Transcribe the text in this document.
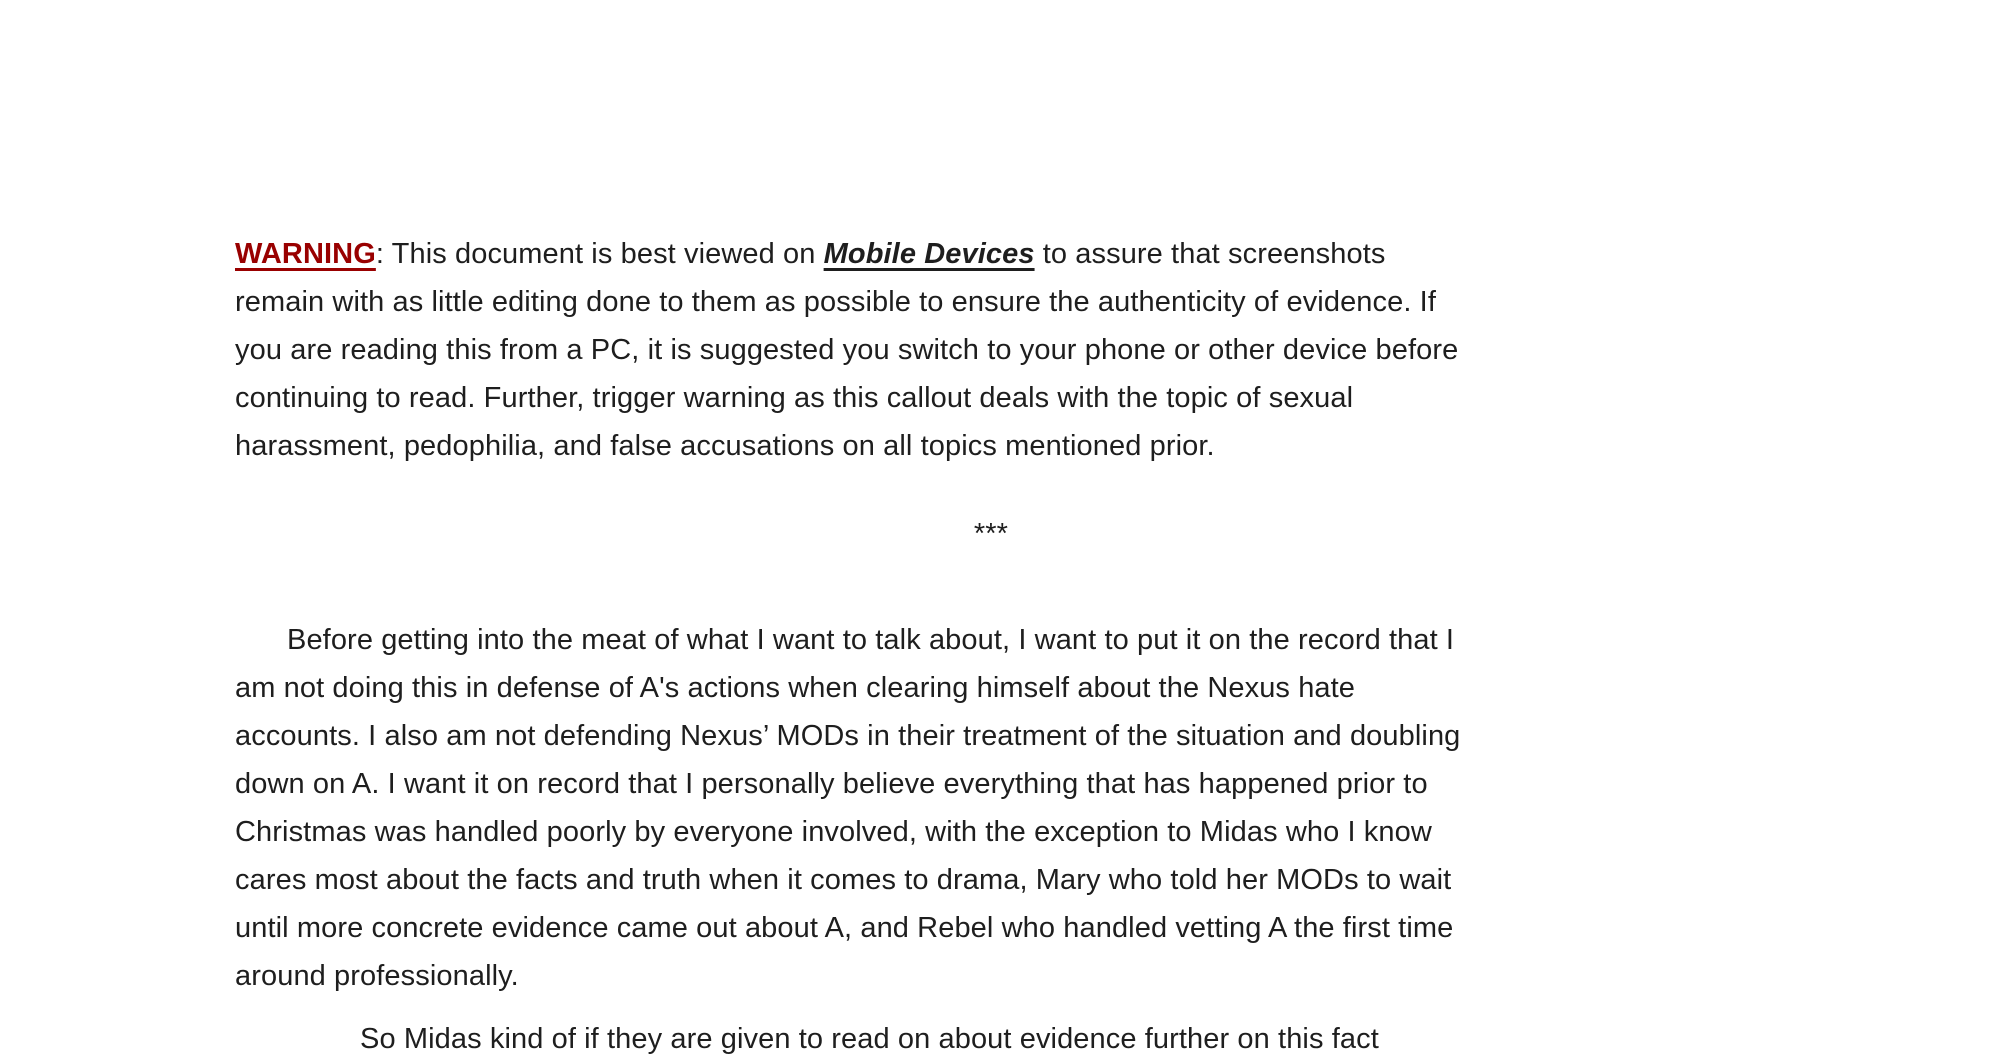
WARNING: This document is best viewed on Mobile Devices to assure that screenshots
remain with as little editing done to them as possible to ensure the authenticity of evidence. If
you are reading this from a PC, it is suggested you switch to your phone or other device before
continuing to read. Further, trigger warning as this callout deals with the topic of sexual
harassment, pedophilia, and false accusations on all topics mentioned prior.
***
Before getting into the meat of what I want to talk about, I want to put it on the record that I
am not doing this in defense of A's actions when clearing himself about the Nexus hate
accounts. I also am not defending Nexus’ MODs in their treatment of the situation and doubling
down on A. I want it on record that I personally believe everything that has happened prior to
Christmas was handled poorly by everyone involved, with the exception to Midas who I know
cares most about the facts and truth when it comes to drama, Mary who told her MODs to wait
until more concrete evidence came out about A, and Rebel who handled vetting A the first time
around professionally.
So Midas kind of if they are given to read on about evidence further on this fact
